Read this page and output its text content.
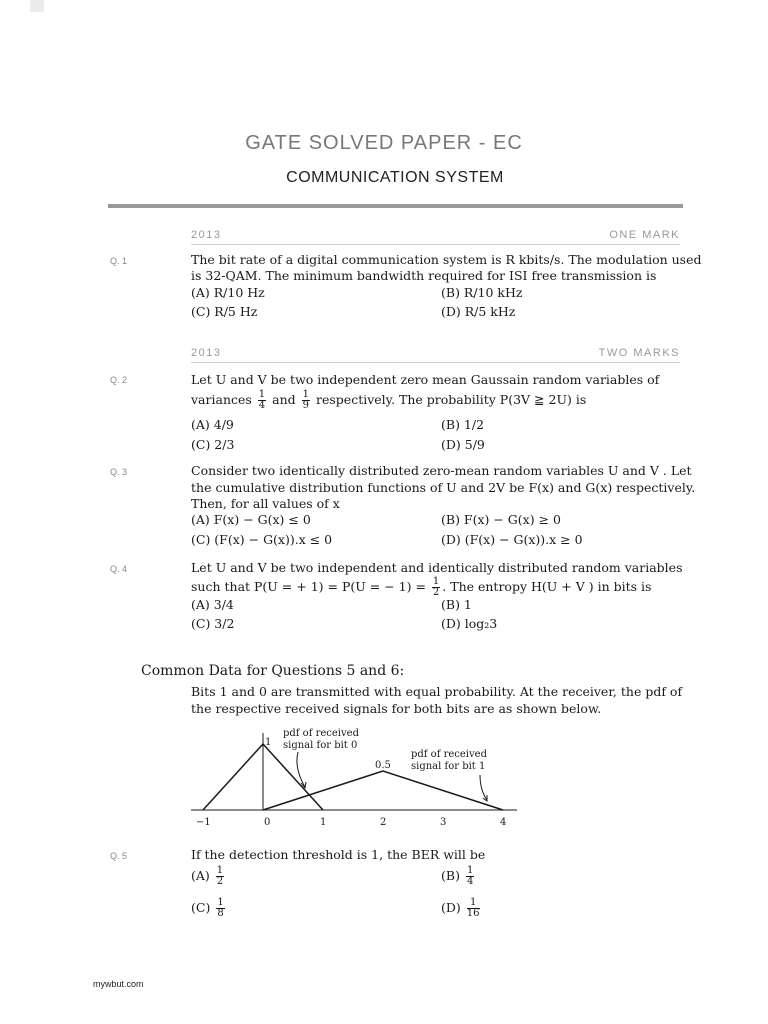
GATE SOLVED PAPER - EC
COMMUNICATION SYSTEM
2013	ONE MARK
Q. 1	The bit rate of a digital communication system is R kbits/s. The modulation used
is 32-QAM. The minimum bandwidth required for ISI free transmission is
(A) R/10 Hz	(B) R/10 kHz
(C) R/5 Hz	(D) R/5 kHz
2013	TWO MARKS
Q. 2	Let U and V be two independent zero mean Gaussain random variables of
variances $\frac{1}{4}$ and $\frac{1}{9}$ respectively. The probability P(3V ≧ 2U) is
(A) 4/9	(B) 1/2
(C) 2/3	(D) 5/9
Q. 3	Consider two identically distributed zero-mean random variables U and V . Let
the cumulative distribution functions of U and 2V be F(x) and G(x) respectively.
Then, for all values of x
(A) F(x) − G(x) ≤ 0	(B) F(x) − G(x) ≥ 0
(C) (F(x) − G(x)).x ≤ 0	(D) (F(x) − G(x)).x ≥ 0
Q. 4	Let U and V be two independent and identically distributed random variables
such that P(U = + 1) = P(U = − $1) = \frac{1}{2}$ . The entropy H(U + V ) in bits is
(A) 3/4	(B) 1
(C) 3/2	(D) log₂3
Common Data for Questions 5 and 6:
Bits 1 and 0 are transmitted with equal probability. At the receiver, the pdf of
the respective received signals for both bits are as shown below.
pdf of received
signal for bit 0
pdf of received
signal for bit 1
1
0.5
−1	0	1	2	3	4
Q. 5	If the detection threshold is 1, the BER will be
$(A) \frac{1}{2}$	$(B) \frac{1}{4}$
$(C) \frac{1}{8}$	$(D) \frac{1}{16}$
mywbut.com
